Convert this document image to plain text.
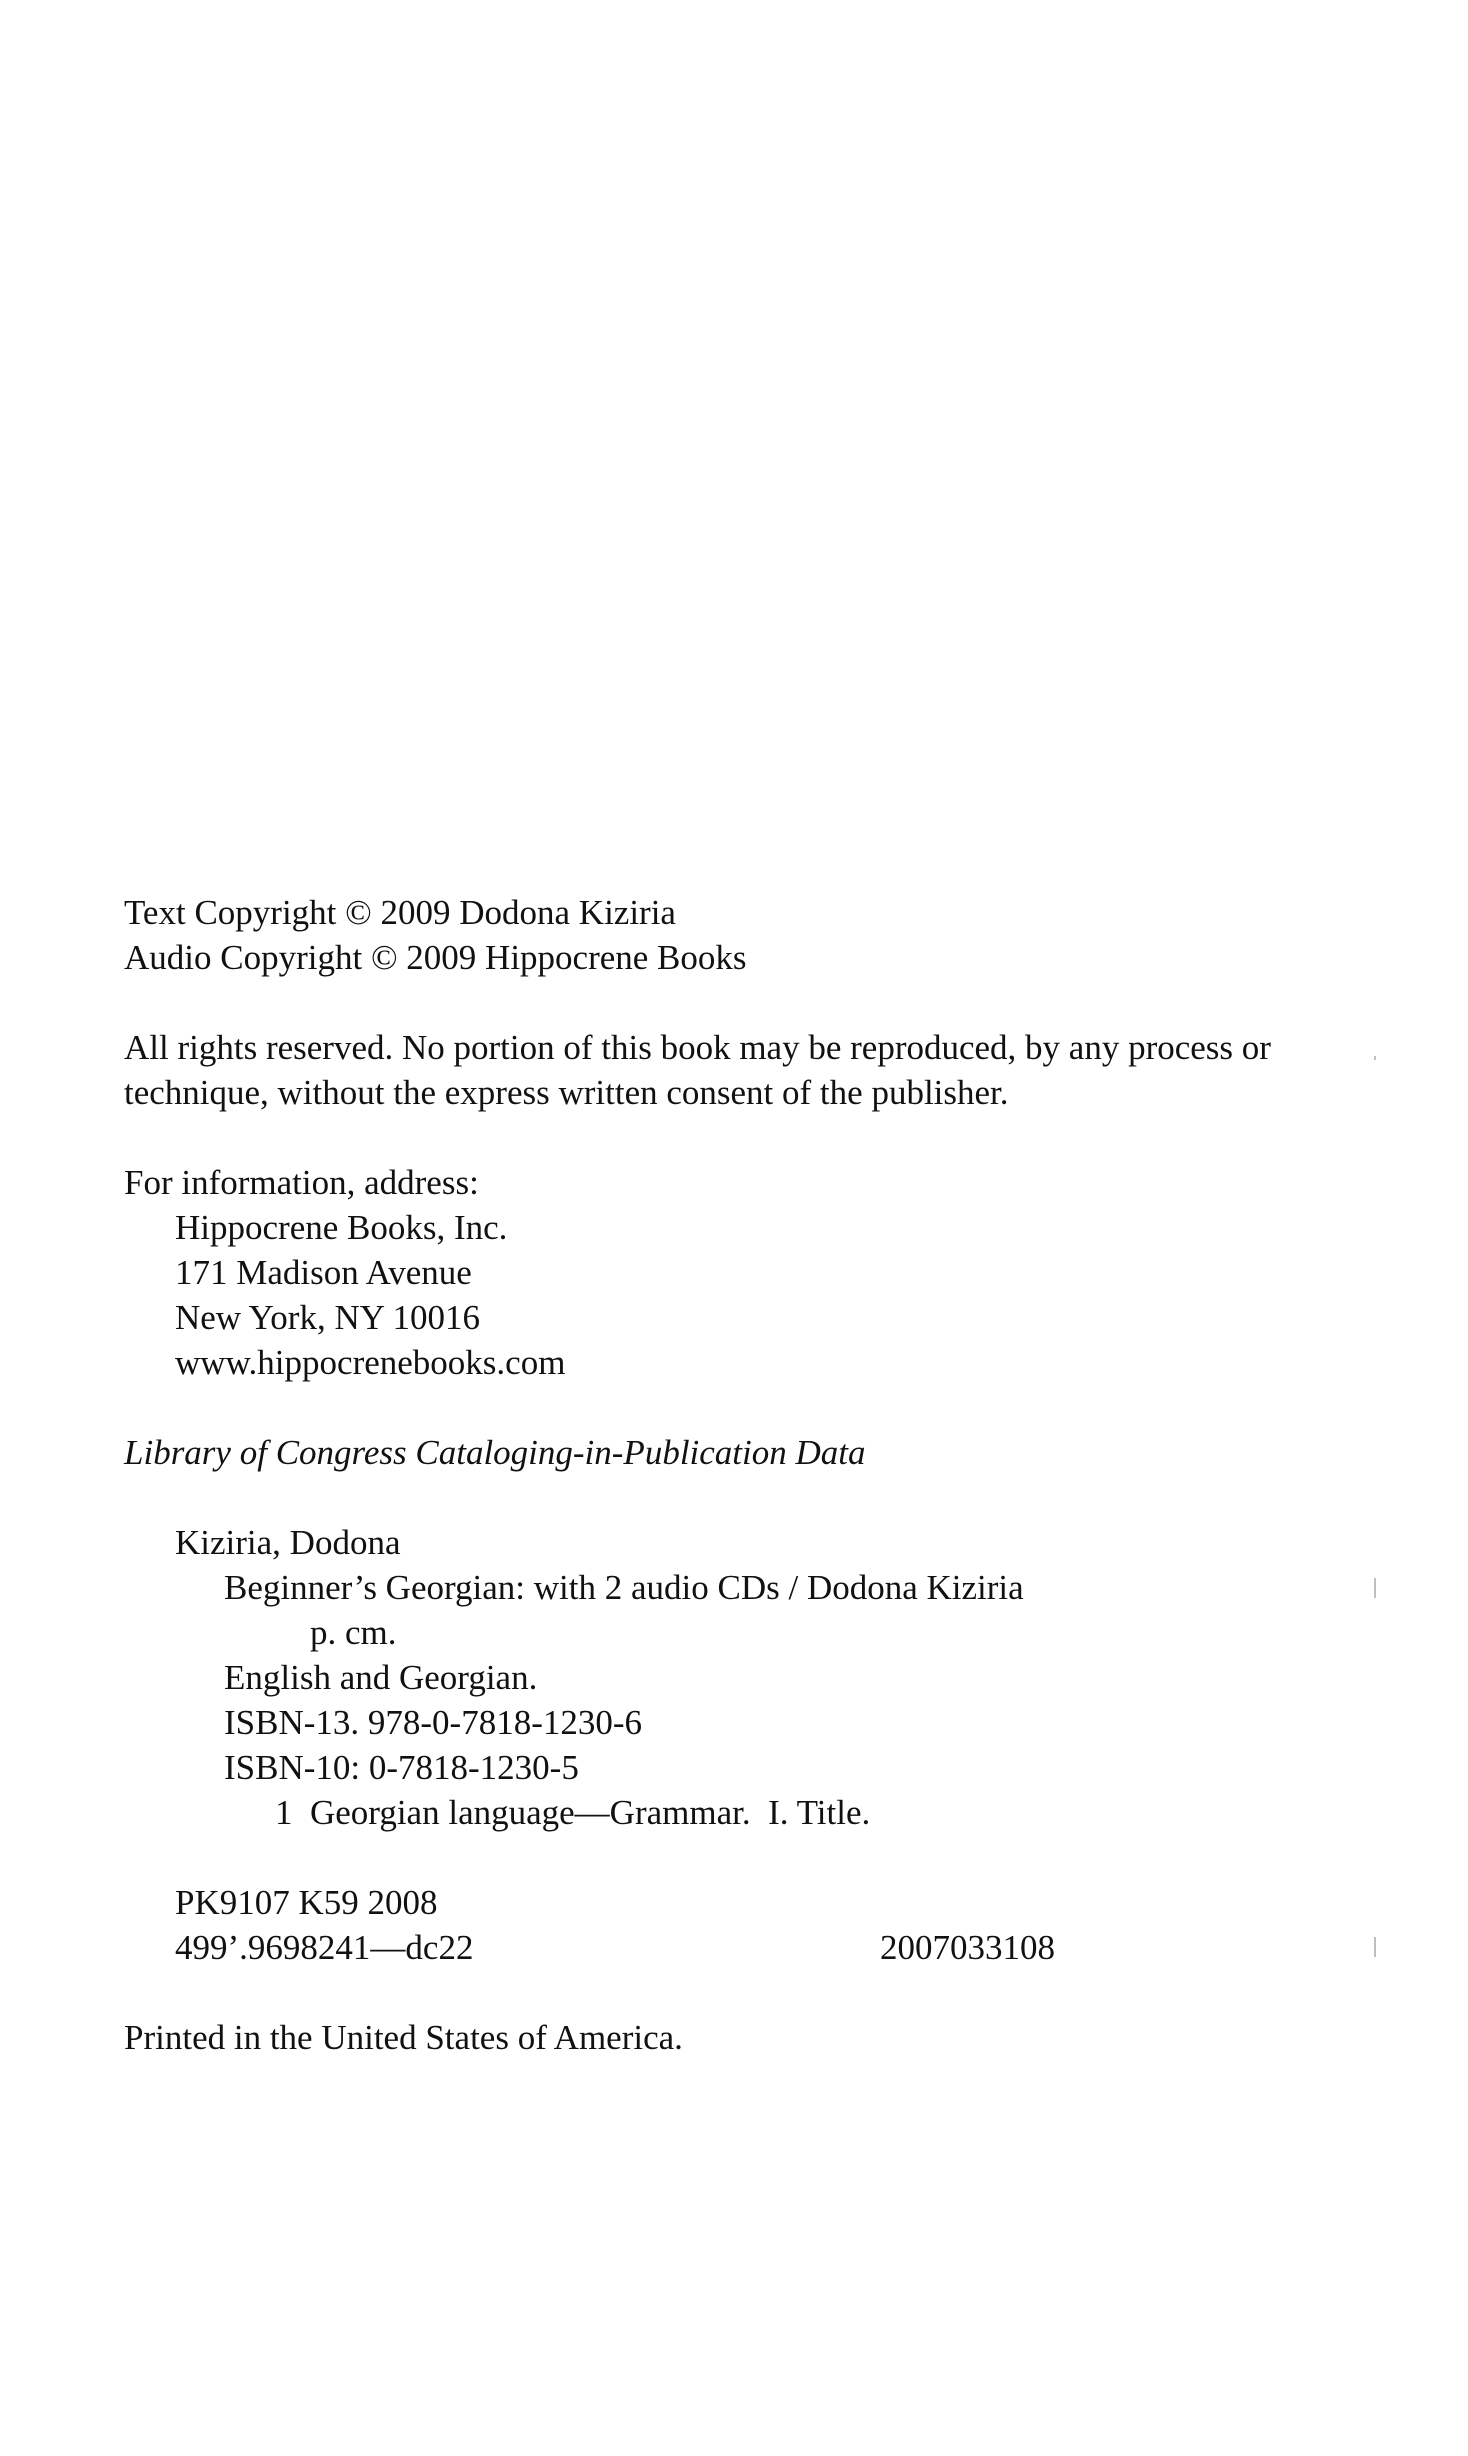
Text Copyright © 2009 Dodona Kiziria
Audio Copyright © 2009 Hippocrene Books
All rights reserved. No portion of this book may be reproduced, by any process or
technique, without the express written consent of the publisher.
For information, address:
Hippocrene Books, Inc.
171 Madison Avenue
New York, NY 10016
www.hippocrenebooks.com
Library of Congress Cataloging-in-Publication Data
Kiziria, Dodona
Beginner’s Georgian: with 2 audio CDs / Dodona Kiziria
p. cm.
English and Georgian.
ISBN-13. 978-0-7818-1230-6
ISBN-10: 0-7818-1230-5
1  Georgian language—Grammar.  I. Title.
PK9107 K59 2008
499’.9698241—dc22	2007033108
Printed in the United States of America.
